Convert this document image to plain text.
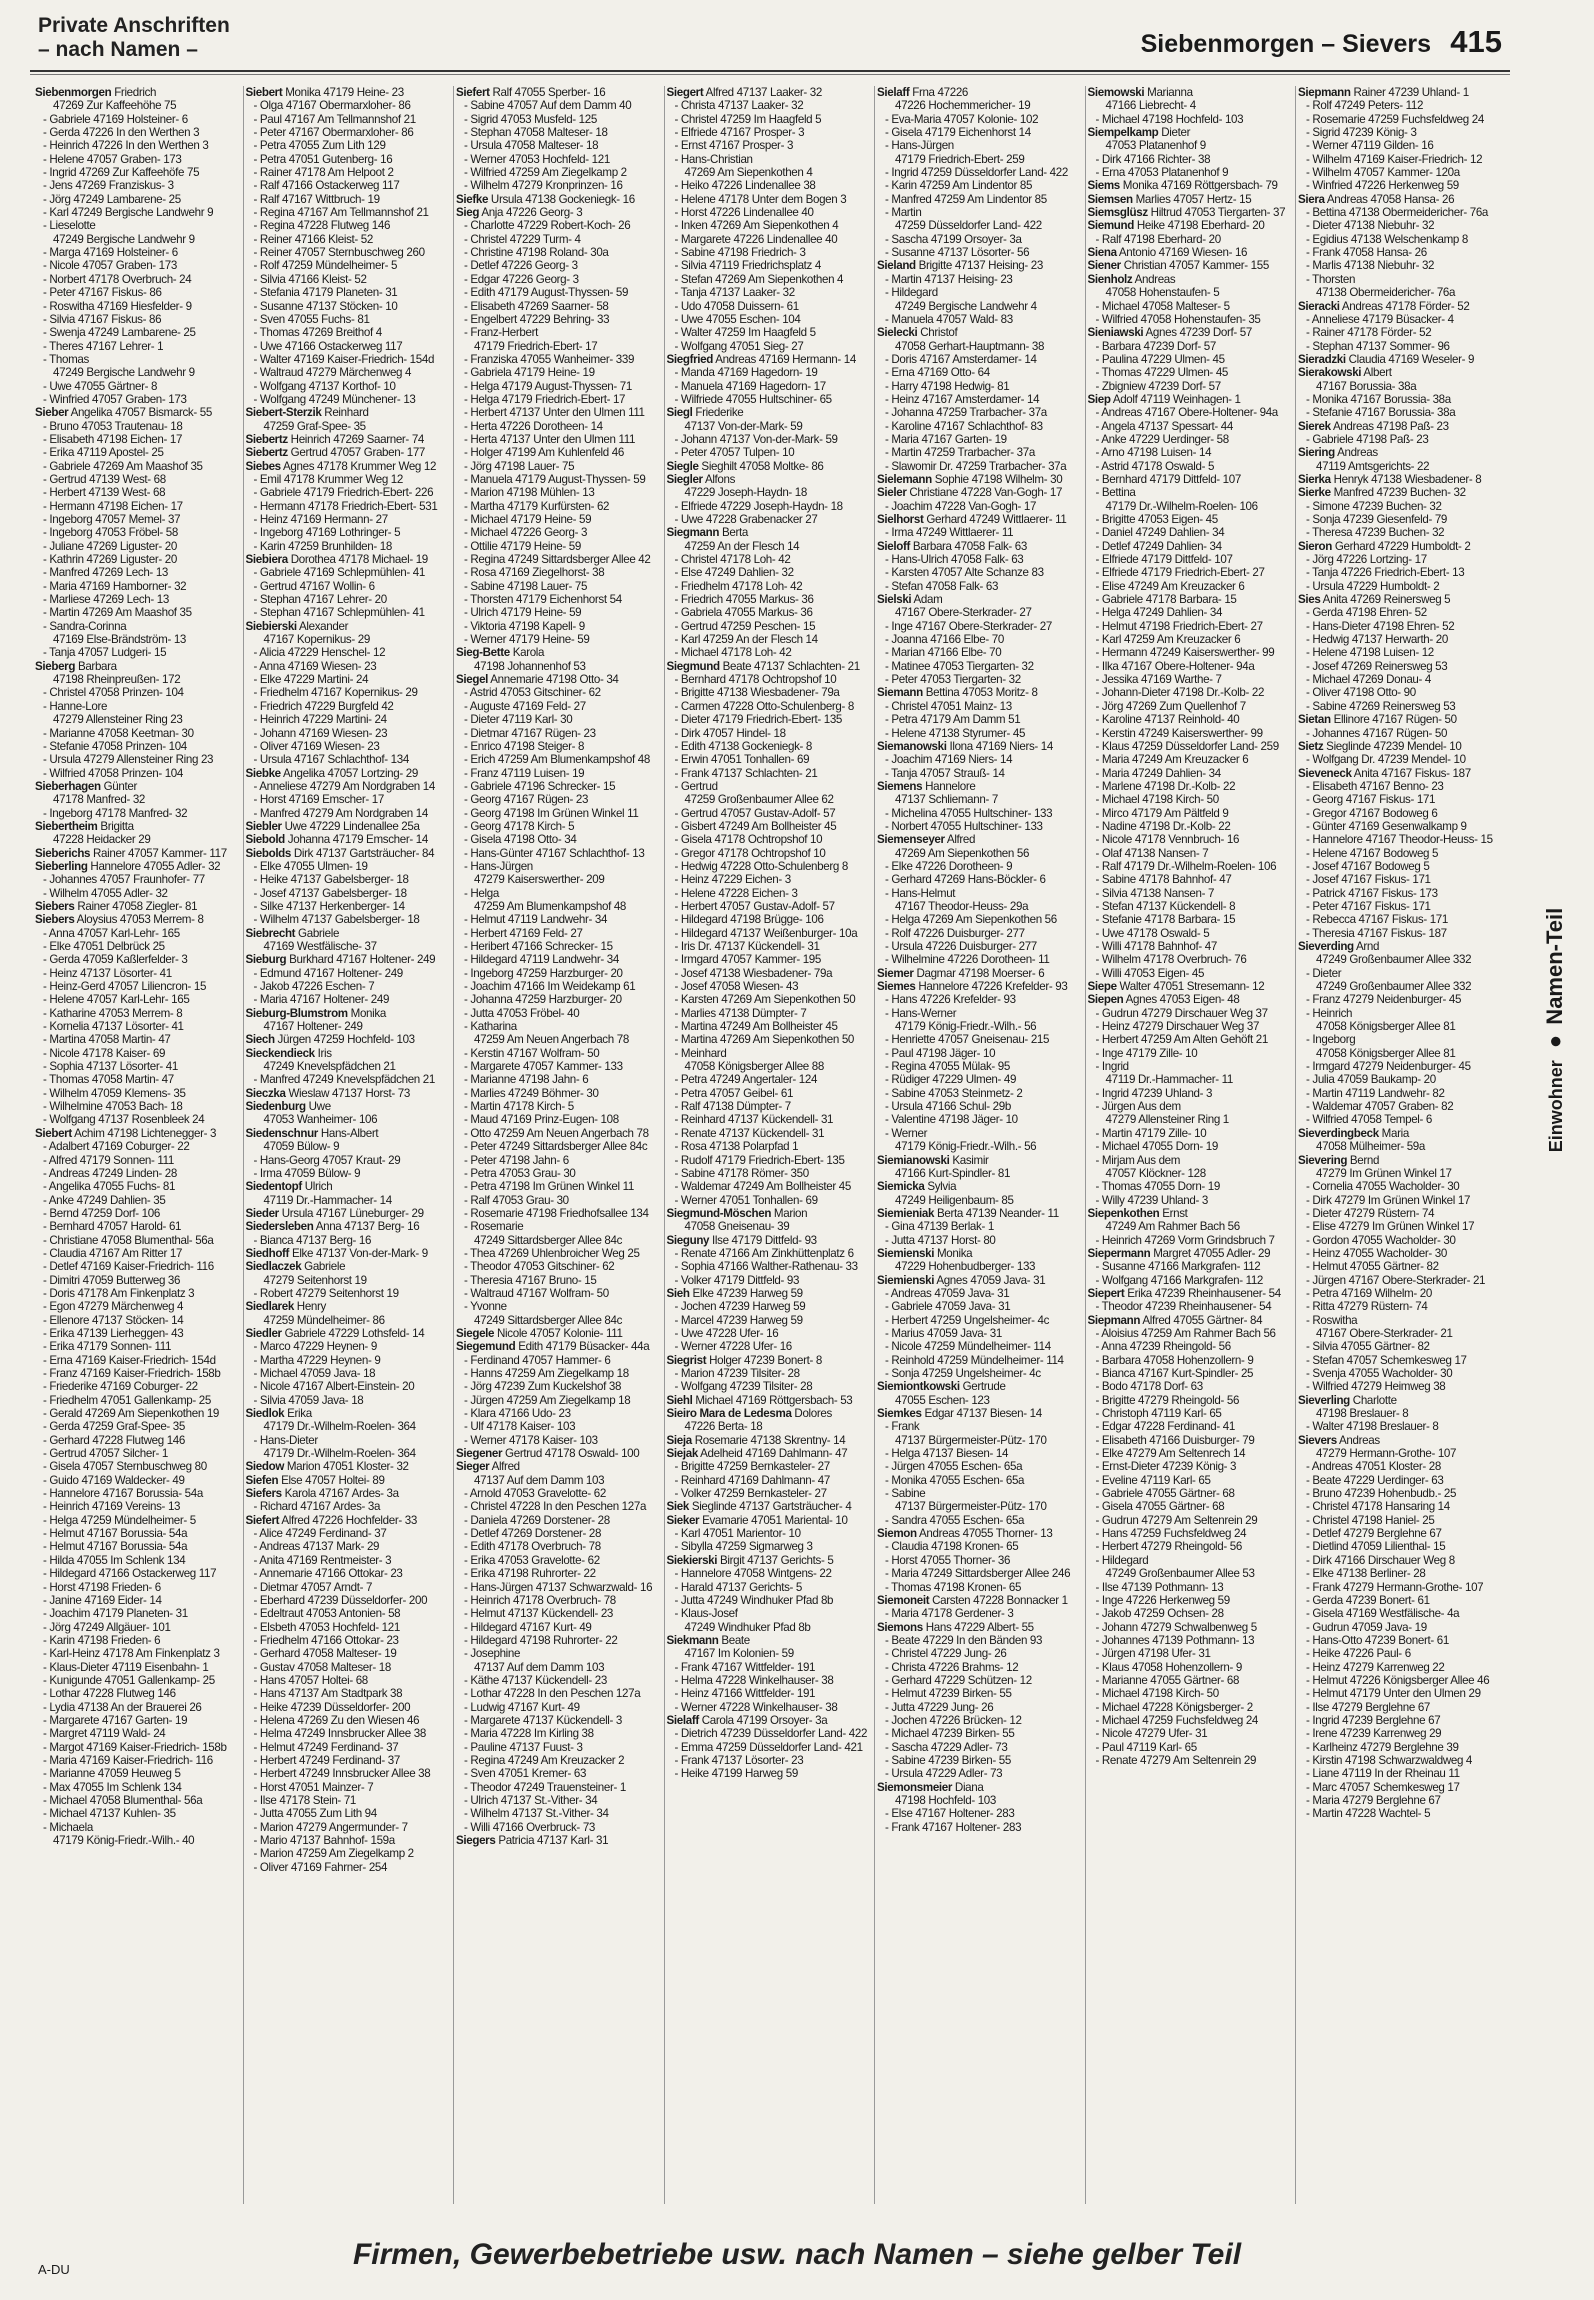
Private Anschriften
– nach Namen –	Siebenmorgen – Sievers 415
Siebenmorgen Friedrich
47269 Zur Kaffeehöhe 75
- Gabriele 47169 Holsteiner- 6
- Gerda 47226 In den Werthen 3
- Heinrich 47226 In den Werthen 3
- Helene 47057 Graben- 173
- Ingrid 47269 Zur Kaffeehöfe 75
- Jens 47269 Franziskus- 3
- Jörg 47249 Lambarene- 25
- Karl 47249 Bergische Landwehr 9
- Lieselotte
47249 Bergische Landwehr 9
- Marga 47169 Holsteiner- 6
- Nicole 47057 Graben- 173
- Norbert 47178 Overbruch- 24
- Peter 47167 Fiskus- 86
- Roswitha 47169 Hiesfelder- 9
- Silvia 47167 Fiskus- 86
- Swenja 47249 Lambarene- 25
- Theres 47167 Lehrer- 1
- Thomas
47249 Bergische Landwehr 9
- Uwe 47055 Gärtner- 8
- Winfried 47057 Graben- 173
Sieber Angelika 47057 Bismarck- 55
- Bruno 47053 Trautenau- 18
- Elisabeth 47198 Eichen- 17
- Erika 47119 Apostel- 25
- Gabriele 47269 Am Maashof 35
- Gertrud 47139 West- 68
- Herbert 47139 West- 68
- Hermann 47198 Eichen- 17
- Ingeborg 47057 Memel- 37
- Ingeborg 47053 Fröbel- 58
- Juliane 47269 Liguster- 20
- Kathrin 47269 Liguster- 20
- Manfred 47269 Lech- 13
- Maria 47169 Hamborner- 32
- Marliese 47269 Lech- 13
- Martin 47269 Am Maashof 35
- Sandra-Corinna
47169 Else-Brändström- 13
- Tanja 47057 Ludgeri- 15
Sieberg Barbara
47198 Rheinpreußen- 172
- Christel 47058 Prinzen- 104
- Hanne-Lore
47279 Allensteiner Ring 23
- Marianne 47058 Keetman- 30
- Stefanie 47058 Prinzen- 104
- Ursula 47279 Allensteiner Ring 23
- Wilfried 47058 Prinzen- 104
Sieberhagen Günter
47178 Manfred- 32
- Ingeborg 47178 Manfred- 32
Siebertheim Brigitta
47228 Heidacker 29
Sieberichs Rainer 47057 Kammer- 117
Sieberling Hannelore 47055 Adler- 32
- Johannes 47057 Fraunhofer- 77
- Wilhelm 47055 Adler- 32
Siebers Rainer 47058 Ziegler- 81
Siebers Aloysius 47053 Merrem- 8
- Anna 47057 Karl-Lehr- 165
- Elke 47051 Delbrück 25
- Gerda 47059 Kaßlerfelder- 3
- Heinz 47137 Lösorter- 41
- Heinz-Gerd 47057 Liliencron- 15
- Helene 47057 Karl-Lehr- 165
- Katharine 47053 Merrem- 8
- Kornelia 47137 Lösorter- 41
- Martina 47058 Martin- 47
- Nicole 47178 Kaiser- 69
- Sophia 47137 Lösorter- 41
- Thomas 47058 Martin- 47
- Wilhelm 47059 Klemens- 35
- Wilhelmine 47053 Bach- 18
- Wolfgang 47137 Rosenbleek 24
Siebert Achim 47198 Lichtenegger- 3
- Adalbert 47169 Coburger- 22
- Alfred 47179 Sonnen- 111
- Andreas 47249 Linden- 28
- Angelika 47055 Fuchs- 81
- Anke 47249 Dahlien- 35
- Bernd 47259 Dorf- 106
- Bernhard 47057 Harold- 61
- Christiane 47058 Blumenthal- 56a
- Claudia 47167 Am Ritter 17
- Detlef 47169 Kaiser-Friedrich- 116
- Dimitri 47059 Butterweg 36
- Doris 47178 Am Finkenplatz 3
- Egon 47279 Märchenweg 4
- Ellenore 47137 Stöcken- 14
- Erika 47139 Lierheggen- 43
- Erika 47179 Sonnen- 111
- Erna 47169 Kaiser-Friedrich- 154d
- Franz 47169 Kaiser-Friedrich- 158b
- Friederike 47169 Coburger- 22
- Friedhelm 47051 Gallenkamp- 25
- Gerald 47269 Am Siepenkothen 19
- Gerda 47259 Graf-Spee- 35
- Gerhard 47228 Flutweg 146
- Gertrud 47057 Silcher- 1
- Gisela 47057 Sternbuschweg 80
- Guido 47169 Waldecker- 49
- Hannelore 47167 Borussia- 54a
- Heinrich 47169 Vereins- 13
- Helga 47259 Mündelheimer- 5
- Helmut 47167 Borussia- 54a
- Helmut 47167 Borussia- 54a
- Hilda 47055 Im Schlenk 134
- Hildegard 47166 Ostackerweg 117
- Horst 47198 Frieden- 6
- Janine 47169 Eider- 14
- Joachim 47179 Planeten- 31
- Jörg 47249 Allgäuer- 101
- Karin 47198 Frieden- 6
- Karl-Heinz 47178 Am Finkenplatz 3
- Klaus-Dieter 47119 Eisenbahn- 1
- Kunigunde 47051 Gallenkamp- 25
- Lothar 47228 Flutweg 146
- Lydia 47138 An der Brauerei 26
- Margarete 47167 Garten- 19
- Margret 47119 Wald- 24
- Margot 47169 Kaiser-Friedrich- 158b
- Maria 47169 Kaiser-Friedrich- 116
- Marianne 47059 Heuweg 5
- Max 47055 Im Schlenk 134
- Michael 47058 Blumenthal- 56a
- Michael 47137 Kuhlen- 35
- Michaela
47179 König-Friedr.-Wilh.- 40
Siebert Monika 47179 Heine- 23
- Olga 47167 Obermarxloher- 86
- Paul 47167 Am Tellmannshof 21
- Peter 47167 Obermarxloher- 86
- Petra 47055 Zum Lith 129
- Petra 47051 Gutenberg- 16
- Rainer 47178 Am Helpoot 2
- Ralf 47166 Ostackerweg 117
- Ralf 47167 Wittbruch- 19
- Regina 47167 Am Tellmannshof 21
- Regina 47228 Flutweg 146
- Reiner 47166 Kleist- 52
- Reiner 47057 Sternbuschweg 260
- Rolf 47259 Mündelheimer- 5
- Silvia 47166 Kleist- 52
- Stefania 47179 Planeten- 31
- Susanne 47137 Stöcken- 10
- Sven 47055 Fuchs- 81
- Thomas 47269 Breithof 4
- Uwe 47166 Ostackerweg 117
- Walter 47169 Kaiser-Friedrich- 154d
- Waltraud 47279 Märchenweg 4
- Wolfgang 47137 Korthof- 10
- Wolfgang 47249 Münchener- 13
Siebert-Sterzik Reinhard
47259 Graf-Spee- 35
Siebertz Heinrich 47269 Saarner- 74
Siebertz Gertrud 47057 Graben- 177
Siebes Agnes 47178 Krummer Weg 12
- Emil 47178 Krummer Weg 12
- Gabriele 47179 Friedrich-Ebert- 226
- Hermann 47178 Friedrich-Ebert- 531
- Heinz 47169 Hermann- 27
- Ingeborg 47169 Lothringer- 5
- Karin 47259 Brunhilden- 18
Siebiera Dorothea 47178 Michael- 19
- Gabriele 47169 Schlepmühlen- 41
- Gertrud 47167 Wollin- 6
- Stephan 47167 Lehrer- 20
- Stephan 47167 Schlepmühlen- 41
Siebierski Alexander
47167 Kopernikus- 29
- Alicia 47229 Henschel- 12
- Anna 47169 Wiesen- 23
- Elke 47229 Martini- 24
- Friedhelm 47167 Kopernikus- 29
- Friedrich 47229 Burgfeld 42
- Heinrich 47229 Martini- 24
- Johann 47169 Wiesen- 23
- Oliver 47169 Wiesen- 23
- Ursula 47167 Schlachthof- 134
Siebke Angelika 47057 Lortzing- 29
- Anneliese 47279 Am Nordgraben 14
- Horst 47169 Emscher- 17
- Manfred 47279 Am Nordgraben 14
Siebler Uwe 47229 Lindenallee 25a
Siebold Johanna 47179 Emscher- 14
Siebolds Dirk 47137 Gartsträucher- 84
- Elke 47055 Ulmen- 19
- Heike 47137 Gabelsberger- 18
- Josef 47137 Gabelsberger- 18
- Silke 47137 Herkenberger- 14
- Wilhelm 47137 Gabelsberger- 18
Siebrecht Gabriele
47169 Westfälische- 37
Sieburg Burkhard 47167 Holtener- 249
- Edmund 47167 Holtener- 249
- Jakob 47226 Eschen- 7
- Maria 47167 Holtener- 249
Sieburg-Blumstrom Monika
47167 Holtener- 249
Siech Jürgen 47259 Hochfeld- 103
Sieckendieck Iris
47249 Knevelspfädchen 21
- Manfred 47249 Knevelspfädchen 21
Sieczka Wieslaw 47137 Horst- 73
Siedenburg Uwe
47053 Wanheimer- 106
Siedenschnur Hans-Albert
47059 Bülow- 9
- Hans-Georg 47057 Kraut- 29
- Irma 47059 Bülow- 9
Siedentopf Ulrich
47119 Dr.-Hammacher- 14
Sieder Ursula 47167 Lüneburger- 29
Siedersleben Anna 47137 Berg- 16
- Bianca 47137 Berg- 16
Siedhoff Elke 47137 Von-der-Mark- 9
Siedlaczek Gabriele
47279 Seitenhorst 19
- Robert 47279 Seitenhorst 19
Siedlarek Henry
47259 Mündelheimer- 86
Siedler Gabriele 47229 Lothsfeld- 14
- Marco 47229 Heynen- 9
- Martha 47229 Heynen- 9
- Michael 47059 Java- 18
- Nicole 47167 Albert-Einstein- 20
- Silvia 47059 Java- 18
Siedlok Erika
47179 Dr.-Wilhelm-Roelen- 364
- Hans-Dieter
47179 Dr.-Wilhelm-Roelen- 364
Siedow Marion 47051 Kloster- 32
Siefen Else 47057 Holtei- 89
Siefers Karola 47167 Ardes- 3a
- Richard 47167 Ardes- 3a
Siefert Alfred 47226 Hochfelder- 33
- Alice 47249 Ferdinand- 37
- Andreas 47137 Mark- 29
- Anita 47169 Rentmeister- 3
- Annemarie 47166 Ottokar- 23
- Dietmar 47057 Arndt- 7
- Eberhard 47239 Düsseldorfer- 200
- Edeltraut 47053 Antonien- 58
- Elsbeth 47053 Hochfeld- 121
- Friedhelm 47166 Ottokar- 23
- Gerhard 47058 Malteser- 19
- Gustav 47058 Malteser- 18
- Hans 47057 Holtei- 68
- Hans 47137 Am Stadtpark 38
- Heike 47239 Düsseldorfer- 200
- Helena 47269 Zu den Wiesen 46
- Helma 47249 Innsbrucker Allee 38
- Helmut 47249 Ferdinand- 37
- Herbert 47249 Ferdinand- 37
- Herbert 47249 Innsbrucker Allee 38
- Horst 47051 Mainzer- 7
- Ilse 47178 Stein- 71
- Jutta 47055 Zum Lith 94
- Marion 47279 Angermunder- 7
- Mario 47137 Bahnhof- 159a
- Marion 47259 Am Ziegelkamp 2
- Oliver 47169 Fahrner- 254
Siefert Ralf 47055 Sperber- 16
- Sabine 47057 Auf dem Damm 40
- Sigrid 47053 Musfeld- 125
- Stephan 47058 Malteser- 18
- Ursula 47058 Malteser- 18
- Werner 47053 Hochfeld- 121
- Wilfried 47259 Am Ziegelkamp 2
- Wilhelm 47279 Kronprinzen- 16
Siefke Ursula 47138 Gockeniegk- 16
Sieg Anja 47226 Georg- 3
- Charlotte 47229 Robert-Koch- 26
- Christel 47229 Turm- 4
- Christine 47198 Roland- 30a
- Detlef 47226 Georg- 3
- Edgar 47226 Georg- 3
- Edith 47179 August-Thyssen- 59
- Elisabeth 47269 Saarner- 58
- Engelbert 47229 Behring- 33
- Franz-Herbert
47179 Friedrich-Ebert- 17
- Franziska 47055 Wanheimer- 339
- Gabriela 47179 Heine- 19
- Helga 47179 August-Thyssen- 71
- Helga 47179 Friedrich-Ebert- 17
- Herbert 47137 Unter den Ulmen 111
- Herta 47226 Dorotheen- 14
- Herta 47137 Unter den Ulmen 111
- Holger 47199 Am Kuhlenfeld 46
- Jörg 47198 Lauer- 75
- Manuela 47179 August-Thyssen- 59
- Marion 47198 Mühlen- 13
- Martha 47179 Kurfürsten- 62
- Michael 47179 Heine- 59
- Michael 47226 Georg- 3
- Ottilie 47179 Heine- 59
- Regina 47249 Sittardsberger Allee 42
- Rosa 47169 Ziegelhorst- 38
- Sabine 47198 Lauer- 75
- Thorsten 47179 Eichenhorst 54
- Ulrich 47179 Heine- 59
- Viktoria 47198 Kapell- 9
- Werner 47179 Heine- 59
Sieg-Bette Karola
47198 Johannenhof 53
Siegel Annemarie 47198 Otto- 34
- Astrid 47053 Gitschiner- 62
- Auguste 47169 Feld- 27
- Dieter 47119 Karl- 30
- Dietmar 47167 Rügen- 23
- Enrico 47198 Steiger- 8
- Erich 47259 Am Blumenkampshof 48
- Franz 47119 Luisen- 19
- Gabriele 47196 Schrecker- 15
- Georg 47167 Rügen- 23
- Georg 47198 Im Grünen Winkel 11
- Georg 47178 Kirch- 5
- Gisela 47198 Otto- 34
- Hans-Günter 47167 Schlachthof- 13
- Hans-Jürgen
47279 Kaiserswerther- 209
- Helga
47259 Am Blumenkampshof 48
- Helmut 47119 Landwehr- 34
- Herbert 47169 Feld- 27
- Heribert 47166 Schrecker- 15
- Hildegard 47119 Landwehr- 34
- Ingeborg 47259 Harzburger- 20
- Joachim 47166 Im Weidekamp 61
- Johanna 47259 Harzburger- 20
- Jutta 47053 Fröbel- 40
- Katharina
47259 Am Neuen Angerbach 78
- Kerstin 47167 Wolfram- 50
- Margarete 47057 Kammer- 133
- Marianne 47198 Jahn- 6
- Marlies 47249 Böhmer- 30
- Martin 47178 Kirch- 5
- Maud 47169 Prinz-Eugen- 108
- Otto 47259 Am Neuen Angerbach 78
- Peter 47249 Sittardsberger Allee 84c
- Peter 47198 Jahn- 6
- Petra 47053 Grau- 30
- Petra 47198 Im Grünen Winkel 11
- Ralf 47053 Grau- 30
- Rosemarie 47198 Friedhofsallee 134
- Rosemarie
47249 Sittardsberger Allee 84c
- Thea 47269 Uhlenbroicher Weg 25
- Theodor 47053 Gitschiner- 62
- Theresia 47167 Bruno- 15
- Waltraud 47167 Wolfram- 50
- Yvonne
47249 Sittardsberger Allee 84c
Siegele Nicole 47057 Kolonie- 111
Siegemund Edith 47179 Büsacker- 44a
- Ferdinand 47057 Hammer- 6
- Hanns 47259 Am Ziegelkamp 18
- Jörg 47239 Zum Kuckelshof 38
- Jürgen 47259 Am Ziegelkamp 18
- Klara 47166 Udo- 23
- Ulf 47178 Kaiser- 103
- Werner 47178 Kaiser- 103
Siegener Gertrud 47178 Oswald- 100
Sieger Alfred
47137 Auf dem Damm 103
- Arnold 47053 Gravelotte- 62
- Christel 47228 In den Peschen 127a
- Daniela 47269 Dorstener- 28
- Detlef 47269 Dorstener- 28
- Edith 47178 Overbruch- 78
- Erika 47053 Gravelotte- 62
- Erika 47198 Ruhrorter- 22
- Hans-Jürgen 47137 Schwarzwald- 16
- Heinrich 47178 Overbruch- 78
- Helmut 47137 Kückendell- 23
- Hildegard 47167 Kurt- 49
- Hildegard 47198 Ruhrorter- 22
- Josephine
47137 Auf dem Damm 103
- Käthe 47137 Kückendell- 23
- Lothar 47228 In den Peschen 127a
- Ludwig 47167 Kurt- 49
- Margarete 47137 Kückendell- 3
- Maria 47228 Im Kirling 38
- Pauline 47137 Fuust- 3
- Regina 47249 Am Kreuzacker 2
- Sven 47051 Kremer- 63
- Theodor 47249 Trauensteiner- 1
- Ulrich 47137 St.-Vither- 34
- Wilhelm 47137 St.-Vither- 34
- Willi 47166 Overbruck- 73
Siegers Patricia 47137 Karl- 31
Siegert Alfred 47137 Laaker- 32
- Christa 47137 Laaker- 32
- Christel 47259 Im Haagfeld 5
- Elfriede 47167 Prosper- 3
- Ernst 47167 Prosper- 3
- Hans-Christian
47269 Am Siepenkothen 4
- Heiko 47226 Lindenallee 38
- Helene 47178 Unter dem Bogen 3
- Horst 47226 Lindenallee 40
- Inken 47269 Am Siepenkothen 4
- Margarete 47226 Lindenallee 40
- Sabine 47198 Friedrich- 3
- Silvia 47119 Friedrichsplatz 4
- Stefan 47269 Am Siepenkothen 4
- Tanja 47137 Laaker- 32
- Udo 47058 Duissern- 61
- Uwe 47055 Eschen- 104
- Walter 47259 Im Haagfeld 5
- Wolfgang 47051 Sieg- 27
Siegfried Andreas 47169 Hermann- 14
- Manda 47169 Hagedorn- 19
- Manuela 47169 Hagedorn- 17
- Wilfriede 47055 Hultschiner- 65
Siegl Friederike
47137 Von-der-Mark- 59
- Johann 47137 Von-der-Mark- 59
- Peter 47057 Tulpen- 10
Siegle Sieghilt 47058 Moltke- 86
Siegler Alfons
47229 Joseph-Haydn- 18
- Elfriede 47229 Joseph-Haydn- 18
- Uwe 47228 Grabenacker 27
Siegmann Berta
47259 An der Flesch 14
- Christel 47178 Loh- 42
- Else 47249 Dahlien- 32
- Friedhelm 47178 Loh- 42
- Friedrich 47055 Markus- 36
- Gabriela 47055 Markus- 36
- Gertrud 47259 Peschen- 15
- Karl 47259 An der Flesch 14
- Michael 47178 Loh- 42
Siegmund Beate 47137 Schlachten- 21
- Bernhard 47178 Ochtropshof 10
- Brigitte 47138 Wiesbadener- 79a
- Carmen 47228 Otto-Schulenberg- 8
- Dieter 47179 Friedrich-Ebert- 135
- Dirk 47057 Hindel- 18
- Edith 47138 Gockeniegk- 8
- Erwin 47051 Tonhallen- 69
- Frank 47137 Schlachten- 21
- Gertrud
47259 Großenbaumer Allee 62
- Gertrud 47057 Gustav-Adolf- 57
- Gisbert 47249 Am Bollheister 45
- Gisela 47178 Ochtropshof 10
- Gregor 47178 Ochtropshof 10
- Hedwig 47228 Otto-Schulenberg 8
- Heinz 47229 Eichen- 3
- Helene 47228 Eichen- 3
- Herbert 47057 Gustav-Adolf- 57
- Hildegard 47198 Brügge- 106
- Hildegard 47137 Weißenburger- 10a
- Iris Dr. 47137 Kückendell- 31
- Irmgard 47057 Kammer- 195
- Josef 47138 Wiesbadener- 79a
- Josef 47058 Wiesen- 43
- Karsten 47269 Am Siepenkothen 50
- Marlies 47138 Dümpter- 7
- Martina 47249 Am Bollheister 45
- Martina 47269 Am Siepenkothen 50
- Meinhard
47058 Königsberger Allee 88
- Petra 47249 Angertaler- 124
- Petra 47057 Geibel- 61
- Ralf 47138 Dümpter- 7
- Reinhard 47137 Kückendell- 31
- Renate 47137 Kückendell- 31
- Rosa 47138 Polarpfad 1
- Rudolf 47179 Friedrich-Ebert- 135
- Sabine 47178 Römer- 350
- Waldemar 47249 Am Bollheister 45
- Werner 47051 Tonhallen- 69
Siegmund-Möschen Marion
47058 Gneisenau- 39
Sieguny Ilse 47179 Dittfeld- 93
- Renate 47166 Am Zinkhüttenplatz 6
- Sophia 47166 Walther-Rathenau- 33
- Volker 47179 Dittfeld- 93
Sieh Elke 47239 Harweg 59
- Jochen 47239 Harweg 59
- Marcel 47239 Harweg 59
- Uwe 47228 Ufer- 16
- Werner 47228 Ufer- 16
Siegrist Holger 47239 Bonert- 8
- Marion 47239 Tilsiter- 28
- Wolfgang 47239 Tilsiter- 28
Siehl Michael 47169 Röttgersbach- 53
Sieiro Mara de Ledesma Dolores
47226 Berta- 18
Sieja Rosemarie 47138 Skrentny- 14
Siejak Adelheid 47169 Dahlmann- 47
- Brigitte 47259 Bernkasteler- 27
- Reinhard 47169 Dahlmann- 47
- Volker 47259 Bernkasteler- 27
Siek Sieglinde 47137 Gartsträucher- 4
Sieker Evamarie 47051 Mariental- 10
- Karl 47051 Marientor- 10
- Sibylla 47259 Sigmarweg 3
Siekierski Birgit 47137 Gerichts- 5
- Hannelore 47058 Wintgens- 22
- Harald 47137 Gerichts- 5
- Jutta 47249 Windhuker Pfad 8b
- Klaus-Josef
47249 Windhuker Pfad 8b
Siekmann Beate
47167 Im Kolonien- 59
- Frank 47167 Wittfelder- 191
- Helma 47228 Winkelhauser- 38
- Heinz 47166 Wittfelder- 191
- Werner 47228 Winkelhauser- 38
Sielaff Carola 47199 Orsoyer- 3a
- Dietrich 47239 Düsseldorfer Land- 422
- Emma 47259 Düsseldorfer Land- 421
- Frank 47137 Lösorter- 23
- Heike 47199 Harweg 59
Sielaff Frna 47226
47226 Hochemmericher- 19
- Eva-Maria 47057 Kolonie- 102
- Gisela 47179 Eichenhorst 14
- Hans-Jürgen
47179 Friedrich-Ebert- 259
- Ingrid 47259 Düsseldorfer Land- 422
- Karin 47259 Am Lindentor 85
- Manfred 47259 Am Lindentor 85
- Martin
47259 Düsseldorfer Land- 422
- Sascha 47199 Orsoyer- 3a
- Susanne 47137 Lösorter- 56
Sieland Brigitte 47137 Heising- 23
- Martin 47137 Heising- 23
- Hildegard
47249 Bergische Landwehr 4
- Manuela 47057 Wald- 83
Sielecki Christof
47058 Gerhart-Hauptmann- 38
- Doris 47167 Amsterdamer- 14
- Erna 47169 Otto- 64
- Harry 47198 Hedwig- 81
- Heinz 47167 Amsterdamer- 14
- Johanna 47259 Trarbacher- 37a
- Karoline 47167 Schlachthof- 83
- Maria 47167 Garten- 19
- Martin 47259 Trarbacher- 37a
- Slawomir Dr. 47259 Trarbacher- 37a
Sielemann Sophie 47198 Wilhelm- 30
Sieler Christiane 47228 Van-Gogh- 17
- Joachim 47228 Van-Gogh- 17
Sielhorst Gerhard 47249 Wittlaerer- 11
- Irma 47249 Wittlaerer- 11
Sieloff Barbara 47058 Falk- 63
- Hans-Ulrich 47058 Falk- 63
- Karsten 47057 Alte Schanze 83
- Stefan 47058 Falk- 63
Sielski Adam
47167 Obere-Sterkrader- 27
- Inge 47167 Obere-Sterkrader- 27
- Joanna 47166 Elbe- 70
- Marian 47166 Elbe- 70
- Matinee 47053 Tiergarten- 32
- Peter 47053 Tiergarten- 32
Siemann Bettina 47053 Moritz- 8
- Christel 47051 Mainz- 13
- Petra 47179 Am Damm 51
- Helene 47138 Styrumer- 45
Siemanowski Ilona 47169 Niers- 14
- Joachim 47169 Niers- 14
- Tanja 47057 Strauß- 14
Siemens Hannelore
47137 Schliemann- 7
- Michelina 47055 Hultschiner- 133
- Norbert 47055 Hultschiner- 133
Siemenseyer Alfred
47269 Am Siepenkothen 56
- Elke 47226 Dorotheen- 9
- Gerhard 47269 Hans-Böckler- 6
- Hans-Helmut
47167 Theodor-Heuss- 29a
- Helga 47269 Am Siepenkothen 56
- Rolf 47226 Duisburger- 277
- Ursula 47226 Duisburger- 277
- Wilhelmine 47226 Dorotheen- 11
Siemer Dagmar 47198 Moerser- 6
Siemes Hannelore 47226 Krefelder- 93
- Hans 47226 Krefelder- 93
- Hans-Werner
47179 König-Friedr.-Wilh.- 56
- Henriette 47057 Gneisenau- 215
- Paul 47198 Jäger- 10
- Regina 47055 Mülak- 95
- Rüdiger 47229 Ulmen- 49
- Sabine 47053 Steinmetz- 2
- Ursula 47166 Schul- 29b
- Valentine 47198 Jäger- 10
- Werner
47179 König-Friedr.-Wilh.- 56
Siemianowski Kasimir
47166 Kurt-Spindler- 81
Siemicka Sylvia
47249 Heiligenbaum- 85
Siemieniak Berta 47139 Neander- 11
- Gina 47139 Berlak- 1
- Jutta 47137 Horst- 80
Siemienski Monika
47229 Hohenbudberger- 133
Siemienski Agnes 47059 Java- 31
- Andreas 47059 Java- 31
- Gabriele 47059 Java- 31
- Herbert 47259 Ungelsheimer- 4c
- Marius 47059 Java- 31
- Nicole 47259 Mündelheimer- 114
- Reinhold 47259 Mündelheimer- 114
- Sonja 47259 Ungelsheimer- 4c
Siemiontkowski Gertrude
47055 Eschen- 123
Siemkes Edgar 47137 Biesen- 14
- Frank
47137 Bürgermeister-Pütz- 170
- Helga 47137 Biesen- 14
- Jürgen 47055 Eschen- 65a
- Monika 47055 Eschen- 65a
- Sabine
47137 Bürgermeister-Pütz- 170
- Sandra 47055 Eschen- 65a
Siemon Andreas 47055 Thorner- 13
- Claudia 47198 Kronen- 65
- Horst 47055 Thorner- 36
- Maria 47249 Sittardsberger Allee 246
- Thomas 47198 Kronen- 65
Siemoneit Carsten 47228 Bonnacker 1
- Maria 47178 Gerdener- 3
Siemons Hans 47229 Albert- 55
- Beate 47229 In den Bänden 93
- Christel 47229 Jung- 26
- Christa 47226 Brahms- 12
- Gerhard 47229 Schützen- 12
- Helmut 47239 Birken- 55
- Jutta 47229 Jung- 26
- Jochen 47226 Brücken- 12
- Michael 47239 Birken- 55
- Sascha 47229 Adler- 73
- Sabine 47239 Birken- 55
- Ursula 47229 Adler- 73
Siemonsmeier Diana
47198 Hochfeld- 103
- Else 47167 Holtener- 283
- Frank 47167 Holtener- 283
Siemowski Marianna
47166 Liebrecht- 4
- Michael 47198 Hochfeld- 103
Siempelkamp Dieter
47053 Platanenhof 9
- Dirk 47166 Richter- 38
- Erna 47053 Platanenhof 9
Siems Monika 47169 Röttgersbach- 79
Siemsen Marlies 47057 Hertz- 15
Siemsglüsz Hiltrud 47053 Tiergarten- 37
Siemund Heike 47198 Eberhard- 20
- Ralf 47198 Eberhard- 20
Siena Antonio 47169 Wiesen- 16
Siener Christian 47057 Kammer- 155
Sienholz Andreas
47058 Hohenstaufen- 5
- Michael 47058 Malteser- 5
- Wilfried 47058 Hohenstaufen- 35
Sieniawski Agnes 47239 Dorf- 57
- Barbara 47239 Dorf- 57
- Paulina 47229 Ulmen- 45
- Thomas 47229 Ulmen- 45
- Zbigniew 47239 Dorf- 57
Siep Adolf 47119 Weinhagen- 1
- Andreas 47167 Obere-Holtener- 94a
- Angela 47137 Spessart- 44
- Anke 47229 Uerdinger- 58
- Arno 47198 Luisen- 14
- Astrid 47178 Oswald- 5
- Bernhard 47179 Dittfeld- 107
- Bettina
47179 Dr.-Wilhelm-Roelen- 106
- Brigitte 47053 Eigen- 45
- Daniel 47249 Dahlien- 34
- Detlef 47249 Dahlien- 34
- Elfriede 47179 Dittfeld- 107
- Elfriede 47179 Friedrich-Ebert- 27
- Elise 47249 Am Kreuzacker 6
- Gabriele 47178 Barbara- 15
- Helga 47249 Dahlien- 34
- Helmut 47198 Friedrich-Ebert- 27
- Karl 47259 Am Kreuzacker 6
- Hermann 47249 Kaiserswerther- 99
- Ilka 47167 Obere-Holtener- 94a
- Jessika 47169 Warthe- 7
- Johann-Dieter 47198 Dr.-Kolb- 22
- Jörg 47269 Zum Quellenhof 7
- Karoline 47137 Reinhold- 40
- Kerstin 47249 Kaiserswerther- 99
- Klaus 47259 Düsseldorfer Land- 259
- Maria 47249 Am Kreuzacker 6
- Maria 47249 Dahlien- 34
- Marlene 47198 Dr.-Kolb- 22
- Michael 47198 Kirch- 50
- Mirco 47179 Am Pältfeld 9
- Nadine 47198 Dr.-Kolb- 22
- Nicole 47178 Vennbruch- 16
- Olaf 47138 Nansen- 7
- Ralf 47179 Dr.-Wilhelm-Roelen- 106
- Sabine 47178 Bahnhof- 47
- Silvia 47138 Nansen- 7
- Stefan 47137 Kückendell- 8
- Stefanie 47178 Barbara- 15
- Uwe 47178 Oswald- 5
- Willi 47178 Bahnhof- 47
- Wilhelm 47178 Overbruch- 76
- Willi 47053 Eigen- 45
Siepe Walter 47051 Stresemann- 12
Siepen Agnes 47053 Eigen- 48
- Gudrun 47279 Dirschauer Weg 37
- Heinz 47279 Dirschauer Weg 37
- Herbert 47259 Am Alten Gehöft 21
- Inge 47179 Zille- 10
- Ingrid
47119 Dr.-Hammacher- 11
- Ingrid 47239 Uhland- 3
- Jürgen Aus dem
47279 Allensteiner Ring 1
- Martin 47179 Zille- 10
- Michael 47055 Dorn- 19
- Mirjam Aus dem
47057 Klöckner- 128
- Thomas 47055 Dorn- 19
- Willy 47239 Uhland- 3
Siepenkothen Ernst
47249 Am Rahmer Bach 56
- Heinrich 47269 Vorm Grindsbruch 7
Siepermann Margret 47055 Adler- 29
- Susanne 47166 Markgrafen- 112
- Wolfgang 47166 Markgrafen- 112
Siepert Erika 47239 Rheinhausener- 54
- Theodor 47239 Rheinhausener- 54
Siepmann Alfred 47055 Gärtner- 84
- Aloisius 47259 Am Rahmer Bach 56
- Anna 47239 Rheingold- 56
- Barbara 47058 Hohenzollern- 9
- Bianca 47167 Kurt-Spindler- 25
- Bodo 47178 Dorf- 63
- Brigitte 47279 Rheingold- 56
- Christoph 47119 Karl- 65
- Edgar 47228 Ferdinand- 41
- Elisabeth 47166 Duisburger- 79
- Elke 47279 Am Seltenrech 14
- Ernst-Dieter 47239 König- 3
- Eveline 47119 Karl- 65
- Gabriele 47055 Gärtner- 68
- Gisela 47055 Gärtner- 68
- Gudrun 47279 Am Seltenrein 29
- Hans 47259 Fuchsfeldweg 24
- Herbert 47279 Rheingold- 56
- Hildegard
47249 Großenbaumer Allee 53
- Ilse 47139 Pothmann- 13
- Inge 47226 Herkenweg 59
- Jakob 47259 Ochsen- 28
- Johann 47279 Schwalbenweg 5
- Johannes 47139 Pothmann- 13
- Jürgen 47198 Ufer- 31
- Klaus 47058 Hohenzollern- 9
- Marianne 47055 Gärtner- 68
- Michael 47198 Kirch- 50
- Michael 47228 Königsberger- 2
- Michael 47259 Fuchsfeldweg 24
- Nicole 47279 Ufer- 31
- Paul 47119 Karl- 65
- Renate 47279 Am Seltenrein 29
Siepmann Rainer 47239 Uhland- 1
- Rolf 47249 Peters- 112
- Rosemarie 47259 Fuchsfeldweg 24
- Sigrid 47239 König- 3
- Werner 47119 Gilden- 16
- Wilhelm 47169 Kaiser-Friedrich- 12
- Wilhelm 47057 Kammer- 120a
- Winfried 47226 Herkenweg 59
Siera Andreas 47058 Hansa- 26
- Bettina 47138 Obermeidericher- 76a
- Dieter 47138 Niebuhr- 32
- Egidius 47138 Welschenkamp 8
- Frank 47058 Hansa- 26
- Marlis 47138 Niebuhr- 32
- Thorsten
47138 Obermeidericher- 76a
Sieracki Andreas 47178 Förder- 52
- Anneliese 47179 Büsacker- 4
- Rainer 47178 Förder- 52
- Stephan 47137 Sommer- 96
Sieradzki Claudia 47169 Weseler- 9
Sierakowski Albert
47167 Borussia- 38a
- Monika 47167 Borussia- 38a
- Stefanie 47167 Borussia- 38a
Sierek Andreas 47198 Paß- 23
- Gabriele 47198 Paß- 23
Siering Andreas
47119 Amtsgerichts- 22
Sierka Henryk 47138 Wiesbadener- 8
Sierke Manfred 47239 Buchen- 32
- Simone 47239 Buchen- 32
- Sonja 47239 Giesenfeld- 79
- Theresa 47239 Buchen- 32
Sieron Gerhard 47229 Humboldt- 2
- Jörg 47226 Lortzing- 17
- Tanja 47226 Friedrich-Ebert- 13
- Ursula 47229 Humboldt- 2
Sies Anita 47269 Reinersweg 5
- Gerda 47198 Ehren- 52
- Hans-Dieter 47198 Ehren- 52
- Hedwig 47137 Herwarth- 20
- Helene 47198 Luisen- 12
- Josef 47269 Reinersweg 53
- Michael 47269 Donau- 4
- Oliver 47198 Otto- 90
- Sabine 47269 Reinersweg 53
Sietan Ellinore 47167 Rügen- 50
- Johannes 47167 Rügen- 50
Sietz Sieglinde 47239 Mendel- 10
- Wolfgang Dr. 47239 Mendel- 10
Sieveneck Anita 47167 Fiskus- 187
- Elisabeth 47167 Benno- 23
- Georg 47167 Fiskus- 171
- Gregor 47167 Bodoweg 6
- Günter 47169 Gesenwalkamp 9
- Hannelore 47167 Theodor-Heuss- 15
- Helene 47167 Bodoweg 5
- Josef 47167 Bodoweg 5
- Josef 47167 Fiskus- 171
- Patrick 47167 Fiskus- 173
- Peter 47167 Fiskus- 171
- Rebecca 47167 Fiskus- 171
- Theresia 47167 Fiskus- 187
Sieverding Arnd
47249 Großenbaumer Allee 332
- Dieter
47249 Großenbaumer Allee 332
- Franz 47279 Neidenburger- 45
- Heinrich
47058 Königsberger Allee 81
- Ingeborg
47058 Königsberger Allee 81
- Irmgard 47279 Neidenburger- 45
- Julia 47059 Baukamp- 20
- Martin 47119 Landwehr- 82
- Waldemar 47057 Graben- 82
- Wilfried 47058 Tempel- 6
Sieverdingbeck Maria
47058 Mülheimer- 59a
Sievering Bernd
47279 Im Grünen Winkel 17
- Cornelia 47055 Wacholder- 30
- Dirk 47279 Im Grünen Winkel 17
- Dieter 47279 Rüstern- 74
- Elise 47279 Im Grünen Winkel 17
- Gordon 47055 Wacholder- 30
- Heinz 47055 Wacholder- 30
- Helmut 47055 Gärtner- 82
- Jürgen 47167 Obere-Sterkrader- 21
- Petra 47169 Wilhelm- 20
- Ritta 47279 Rüstern- 74
- Roswitha
47167 Obere-Sterkrader- 21
- Silvia 47055 Gärtner- 82
- Stefan 47057 Schemkesweg 17
- Svenja 47055 Wacholder- 30
- Wilfried 47279 Heimweg 38
Sieverling Charlotte
47198 Breslauer- 8
- Walter 47198 Breslauer- 8
Sievers Andreas
47279 Hermann-Grothe- 107
- Andreas 47051 Kloster- 28
- Beate 47229 Uerdinger- 63
- Bruno 47239 Hohenbudb.- 25
- Christel 47178 Hansaring 14
- Christel 47198 Haniel- 25
- Detlef 47279 Berglehne 67
- Dietlind 47059 Lilienthal- 15
- Dirk 47166 Dirschauer Weg 8
- Elke 47138 Berliner- 28
- Frank 47279 Hermann-Grothe- 107
- Gerda 47239 Bonert- 61
- Gisela 47169 Westfälische- 4a
- Gudrun 47059 Java- 19
- Hans-Otto 47239 Bonert- 61
- Heike 47226 Paul- 6
- Heinz 47279 Karrenweg 22
- Helmut 47226 Königsberger Allee 46
- Helmut 47179 Unter den Ulmen 29
- Ilse 47279 Berglehne 67
- Ingrid 47239 Berglehne 67
- Irene 47239 Karrenweg 29
- Karlheinz 47279 Berglehne 39
- Kirstin 47198 Schwarzwaldweg 4
- Liane 47119 In der Rheinau 11
- Marc 47057 Schemkesweg 17
- Maria 47279 Berglehne 67
- Martin 47228 Wachtel- 5
Einwohner ● Namen-Teil
Firmen, Gewerbebetriebe usw. nach Namen – siehe gelber Teil
A-DU
